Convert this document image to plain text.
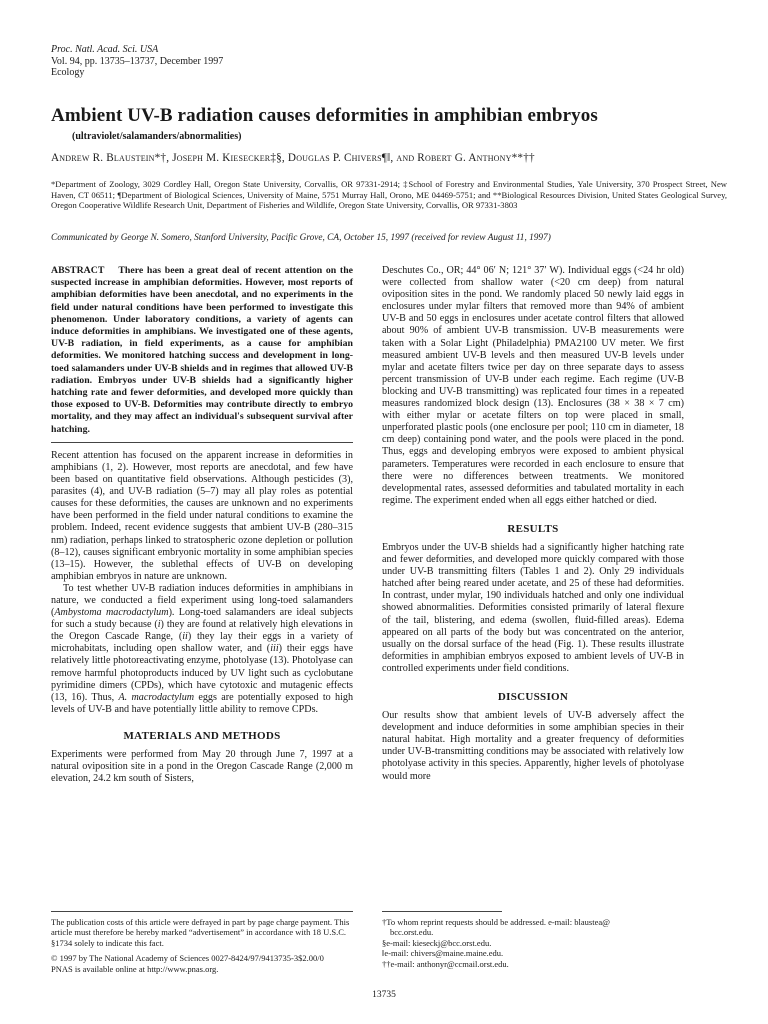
Proc. Natl. Acad. Sci. USA
Vol. 94, pp. 13735–13737, December 1997
Ecology
Ambient UV-B radiation causes deformities in amphibian embryos
(ultraviolet/salamanders/abnormalities)
Andrew R. Blaustein*†, Joseph M. Kiesecker‡§, Douglas P. Chivers¶‖, and Robert G. Anthony**††
*Department of Zoology, 3029 Cordley Hall, Oregon State University, Corvallis, OR 97331-2914; ‡School of Forestry and Environmental Studies, Yale University, 370 Prospect Street, New Haven, CT 06511; ¶Department of Biological Sciences, University of Maine, 5751 Murray Hall, Orono, ME 04469-5751; and **Biological Resources Division, United States Geological Survey, Oregon Cooperative Wildlife Research Unit, Department of Fisheries and Wildlife, Oregon State University, Corvallis, OR 97331-3803
Communicated by George N. Somero, Stanford University, Pacific Grove, CA, October 15, 1997 (received for review August 11, 1997)
ABSTRACT There has been a great deal of recent attention on the suspected increase in amphibian deformities. However, most reports of amphibian deformities have been anecdotal, and no experiments in the field under natural conditions have been performed to investigate this phenomenon. Under laboratory conditions, a variety of agents can induce deformities in amphibians. We investigated one of these agents, UV-B radiation, in field experiments, as a cause for amphibian deformities. We monitored hatching success and development in long-toed salamanders under UV-B shields and in regimes that allowed UV-B radiation. Embryos under UV-B shields had a significantly higher hatching rate and fewer deformities, and developed more quickly than those exposed to UV-B. Deformities may contribute directly to embryo mortality, and they may affect an individual's subsequent survival after hatching.

Recent attention has focused on the apparent increase in deformities in amphibians (1, 2). However, most reports are anecdotal, and few have been based on quantitative field observations. Although pesticides (3), parasites (4), and UV-B radiation (5–7) may all play roles as potential causes for these deformities, the causes are unknown and no experiments have been performed in the field under natural conditions to examine the problem. Indeed, recent evidence suggests that ambient UV-B (280–315 nm) radiation, perhaps linked to stratospheric ozone depletion or pollution (8–12), causes significant embryonic mortality in some amphibian species (13–15). However, the sublethal effects of UV-B on developing amphibian embryos in nature are unknown.

To test whether UV-B radiation induces deformities in amphibians in nature, we conducted a field experiment using long-toed salamanders (Ambystoma macrodactylum). Long-toed salamanders are ideal subjects for such a study because (i) they are found at relatively high elevations in the Oregon Cascade Range, (ii) they lay their eggs in a variety of microhabitats, including open shallow water, and (iii) their eggs have relatively little photoreactivating enzyme, photolyase (13). Photolyase can remove harmful photoproducts induced by UV light such as cyclobutane pyrimidine dimers (CPDs), which have cytotoxic and mutagenic effects (13, 16). Thus, A. macrodactylum eggs are potentially exposed to high levels of UV-B and have potentially little ability to remove CPDs.

MATERIALS AND METHODS

Experiments were performed from May 20 through June 7, 1997 at a natural oviposition site in a pond in the Oregon Cascade Range (2,000 m elevation, 24.2 km south of Sisters,

Deschutes Co., OR; 44° 06′ N; 121° 37′ W). Individual eggs (<24 hr old) were collected from shallow water (<20 cm deep) from natural oviposition sites in the pond. We randomly placed 50 newly laid eggs in enclosures under mylar filters that removed more than 94% of ambient UV-B and 50 eggs in enclosures under acetate control filters that allowed about 90% of ambient UV-B transmission. UV-B measurements were taken with a Solar Light (Philadelphia) PMA2100 UV meter. We first measured ambient UV-B levels and then measured UV-B levels under mylar and acetate filters twice per day on three separate days to assess percent transmission of UV-B under each regime. Each regime (UV-B blocking and UV-B transmitting) was replicated four times in a repeated measures randomized block design (13). Enclosures (38 × 38 × 7 cm) with either mylar or acetate filters on top were placed in small, unperforated plastic pools (one enclosure per pool; 110 cm in diameter, 18 cm deep) containing pond water, and the pools were placed in the pond. Thus, eggs and developing embryos were exposed to ambient physical parameters. Temperatures were recorded in each enclosure to ensure that there were no differences between treatments. We monitored developmental rates, assessed deformities and tabulated mortality in each regime. The experiment ended when all eggs either hatched or died.

RESULTS

Embryos under the UV-B shields had a significantly higher hatching rate and fewer deformities, and developed more quickly compared with those under UV-B transmitting filters (Tables 1 and 2). Only 29 individuals hatched after being reared under acetate, and 25 of these had deformities. In contrast, under mylar, 190 individuals hatched and only one individual showed abnormalities. Deformities consisted primarily of lateral flexure of the tail, blistering, and edema (swollen, fluid-filled areas). Edema appeared on all parts of the body but was concentrated on the anterior, usually on the dorsal surface of the head (Fig. 1). These results illustrate deformities in amphibian embryos exposed to ambient levels of UV-B in controlled experiments under field conditions.

DISCUSSION

Our results show that ambient levels of UV-B adversely affect the development and induce deformities in some amphibian species in their natural habitat. High mortality and a greater frequency of deformities under UV-B-transmitting conditions may be associated with relatively low photolyase activity in this species. Apparently, higher levels of photolyase would more

The publication costs of this article were defrayed in part by page charge payment. This article must therefore be hereby marked “advertisement” in accordance with 18 U.S.C. §1734 solely to indicate this fact.

© 1997 by The National Academy of Sciences 0027-8424/97/9413735-3$2.00/0

PNAS is available online at http://www.pnas.org.

†To whom reprint requests should be addressed. e-mail: blaustea@

bcc.orst.edu.

§e-mail: kieseckj@bcc.orst.edu.

‖e-mail: chivers@maine.maine.edu.

††e-mail: anthonyr@ccmail.orst.edu.

13735
